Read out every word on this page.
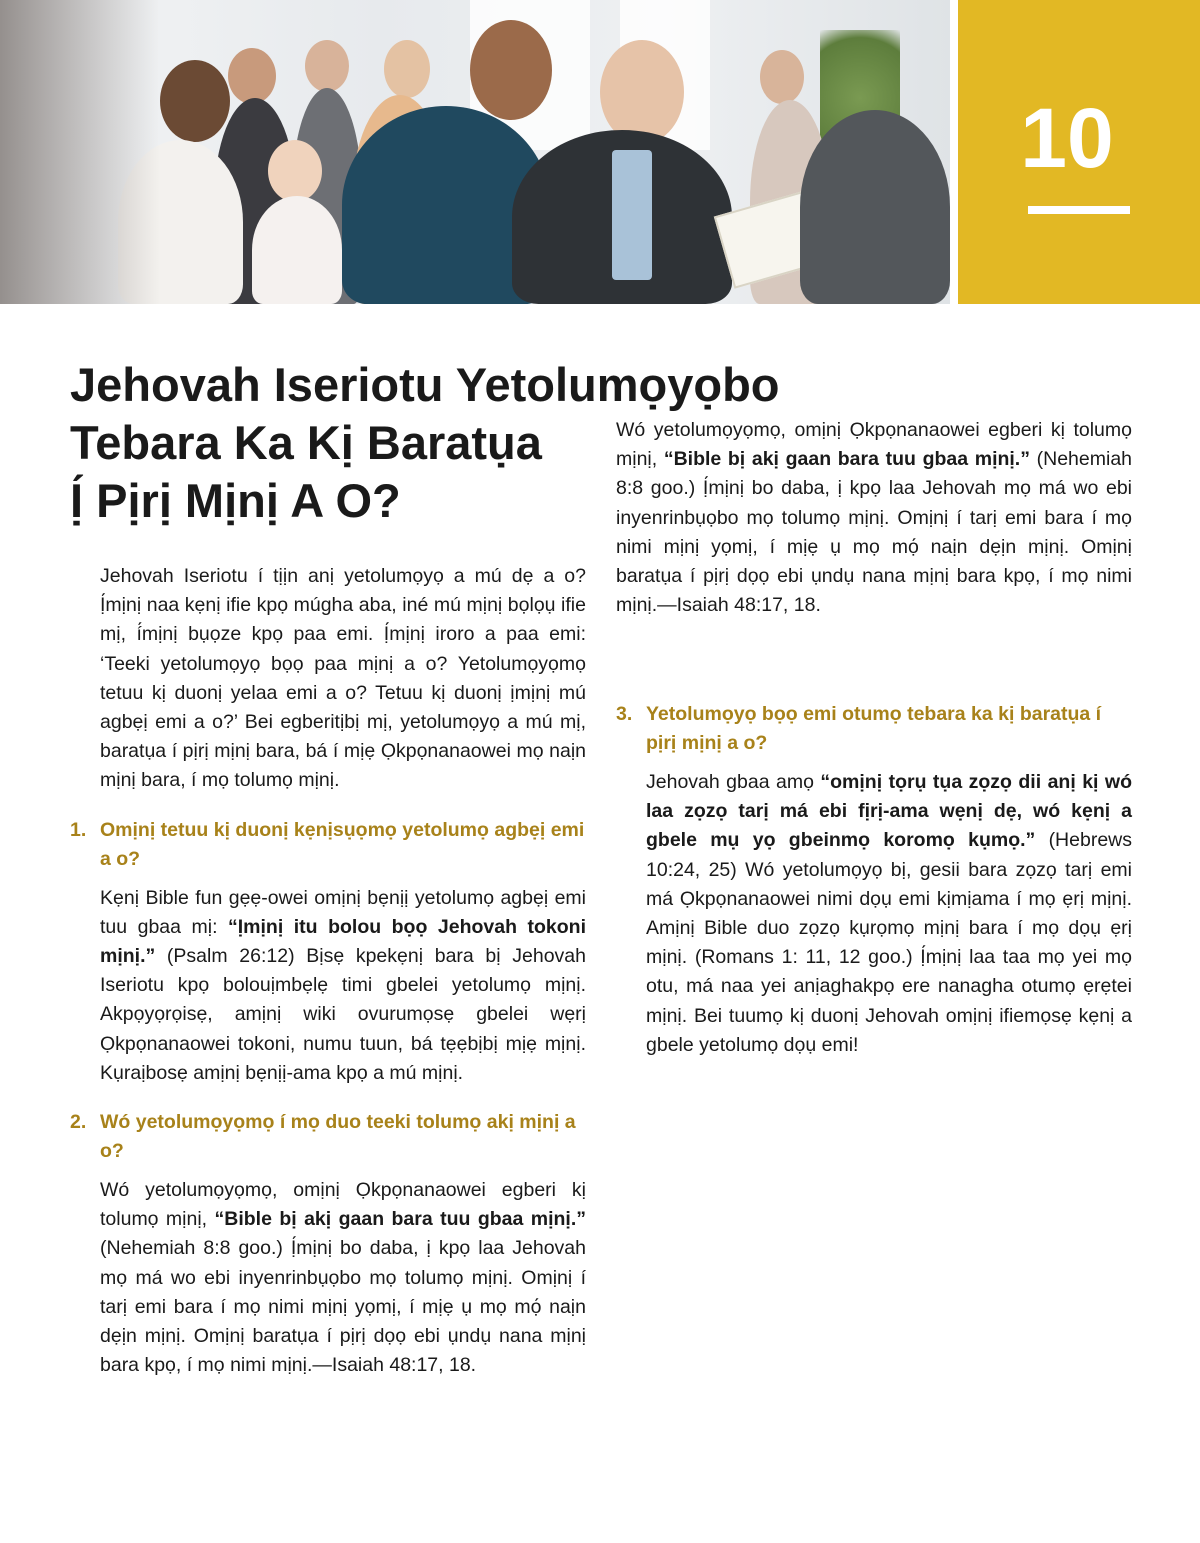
10
Jehovah Iseriotu Yetolumọyọbo
Tebara Ka Kị Baratụa
Ị́ Pịrị Mịnị A O?

Jehovah Iseriotu í tịịn anị yetolumọyọ a mú dẹ a o? Ị́mịnị naa kẹnị ifie kpọ múgha aba, iné mú mịnị bọlọụ ifie mị, í́mịnị bụọze kpọ paa emi. Ị́mịnị iroro a paa emi: ‘Teeki yetolumọyọ bọọ paa mịnị a o? Yetolumọyọmọ tetuu kị duonị yelaa emi a o? Tetuu kị duonị ịmịnị mú agbẹị emi a o?’ Bei egberitịbị mị, yetolumọyọ a mú mị, baratụa í pịrị mịnị bara, bá í mịẹ Ọkpọnanaowei mọ naịn mịnị bara, í mọ tolumọ mịnị.

1. Omịnị tetuu kị duonị kẹnịsụọmọ yetolumọ agbẹị emi a o?

Kẹnị Bible fun gẹẹ-owei omịnị bẹnịị yetolumọ agbẹị emi tuu gbaa mị: “Ịmịnị itu bolou bọọ Jehovah tokoni mịnị.” (Psalm 26:12) Bịsẹ kpekẹnị bara bị Jehovah Iseriotu kpọ bolouịmbẹlẹ timi gbelei yetolumọ mịnị. Akpọyọrọisẹ, amịnị wiki ovurumọsẹ gbelei wẹrị Ọkpọnanaowei tokoni, numu tuun, bá tẹẹbịbị mịẹ mịnị. Kụraịbosẹ amịnị bẹnịị-ama kpọ a mú mịnị.

2. Wó yetolumọyọmọ í mọ duo teeki tolumọ akị mịnị a o?

Wó yetolumọyọmọ, omịnị Ọkpọnanaowei egberi kị tolumọ mịnị, “Bible bị akị gaan bara tuu gbaa mịnị.” (Nehemiah 8:8 goo.) Ị́mịnị bo daba, ị kpọ laa Jehovah mọ má wo ebi inyenrinbụọbo mọ tolumọ mịnị. Omịnị í tarị emi bara í mọ nimi mịnị yọmị, í mịẹ ụ mọ mọ́ naịn dẹịn mịnị. Omịnị baratụa í pịrị dọọ ebi ụndụ nana mịnị bara kpọ, í mọ nimi mịnị.—Isaiah 48:17, 18.

Wó yetolumọyọmọ, omịnị Ọkpọnanaowei egberi kị tolumọ mịnị, “Bible bị akị gaan bara tuu gbaa mịnị.” (Nehemiah 8:8 goo.) Ị́mịnị bo daba, ị kpọ laa Jehovah mọ má wo ebi inyenrinbụọbo mọ tolumọ mịnị. Omịnị í tarị emi bara í mọ nimi mịnị yọmị, í mịẹ ụ mọ mọ́ naịn dẹịn mịnị. Omịnị baratụa í pịrị dọọ ebi ụndụ nana mịnị bara kpọ, í mọ nimi mịnị.—Isaiah 48:17, 18.

3. Yetolumọyọ bọọ emi otumọ tebara ka kị baratụa í pịrị mịnị a o?

Jehovah gbaa amọ “omịnị tọrụ tụa zọzọ dii anị kị wó laa zọzọ tarị má ebi fịrị-ama wẹnị dẹ, wó kẹnị a gbele mụ yọ gbeinmọ koromọ kụmọ.” (Hebrews 10:24, 25) Wó yetolumọyọ bị, gesii bara zọzọ tarị emi má Ọkpọnanaowei nimi dọụ emi kịmịama í mọ ẹrị mịnị. Amịnị Bible duo zọzọ kụrọmọ mịnị bara í mọ dọụ ẹrị mịnị. (Romans 1: 11, 12 goo.) Ị́mịnị laa taa mọ yei mọ otu, má naa yei anịaghakpọ ere nanagha otumọ ẹrẹtei mịnị. Bei tuumọ kị duonị Jehovah omịnị ifiemọsẹ kẹnị a gbele yetolumọ dọụ emi!
